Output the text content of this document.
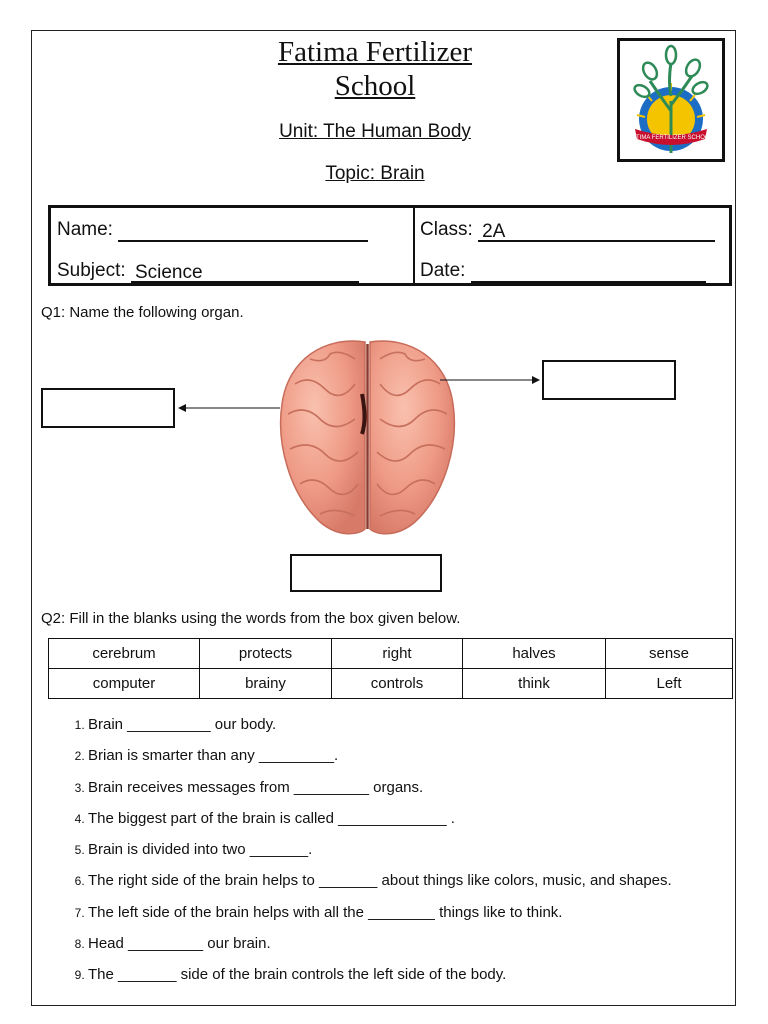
Fatima Fertilizer
School
Unit: The Human Body
Topic: Brain
FATIMA FERTILIZER SCHOOL
Name:
Subject: Science
Class: 2A
Date:
Q1: Name the following organ.
Q2: Fill in the blanks using the words from the box given below.
cerebrum	protects	right	halves	sense
computer	brainy	controls	think	Left
1. Brain __________ our body.
2. Brian is smarter than any _________.
3. Brain receives messages from _________ organs.
4. The biggest part of the brain is called _____________ .
5. Brain is divided into two _______.
6. The right side of the brain helps to _______ about things like colors, music, and shapes.
7. The left side of the brain helps with all the ________ things like to think.
8. Head _________ our brain.
9. The _______ side of the brain controls the left side of the body.
